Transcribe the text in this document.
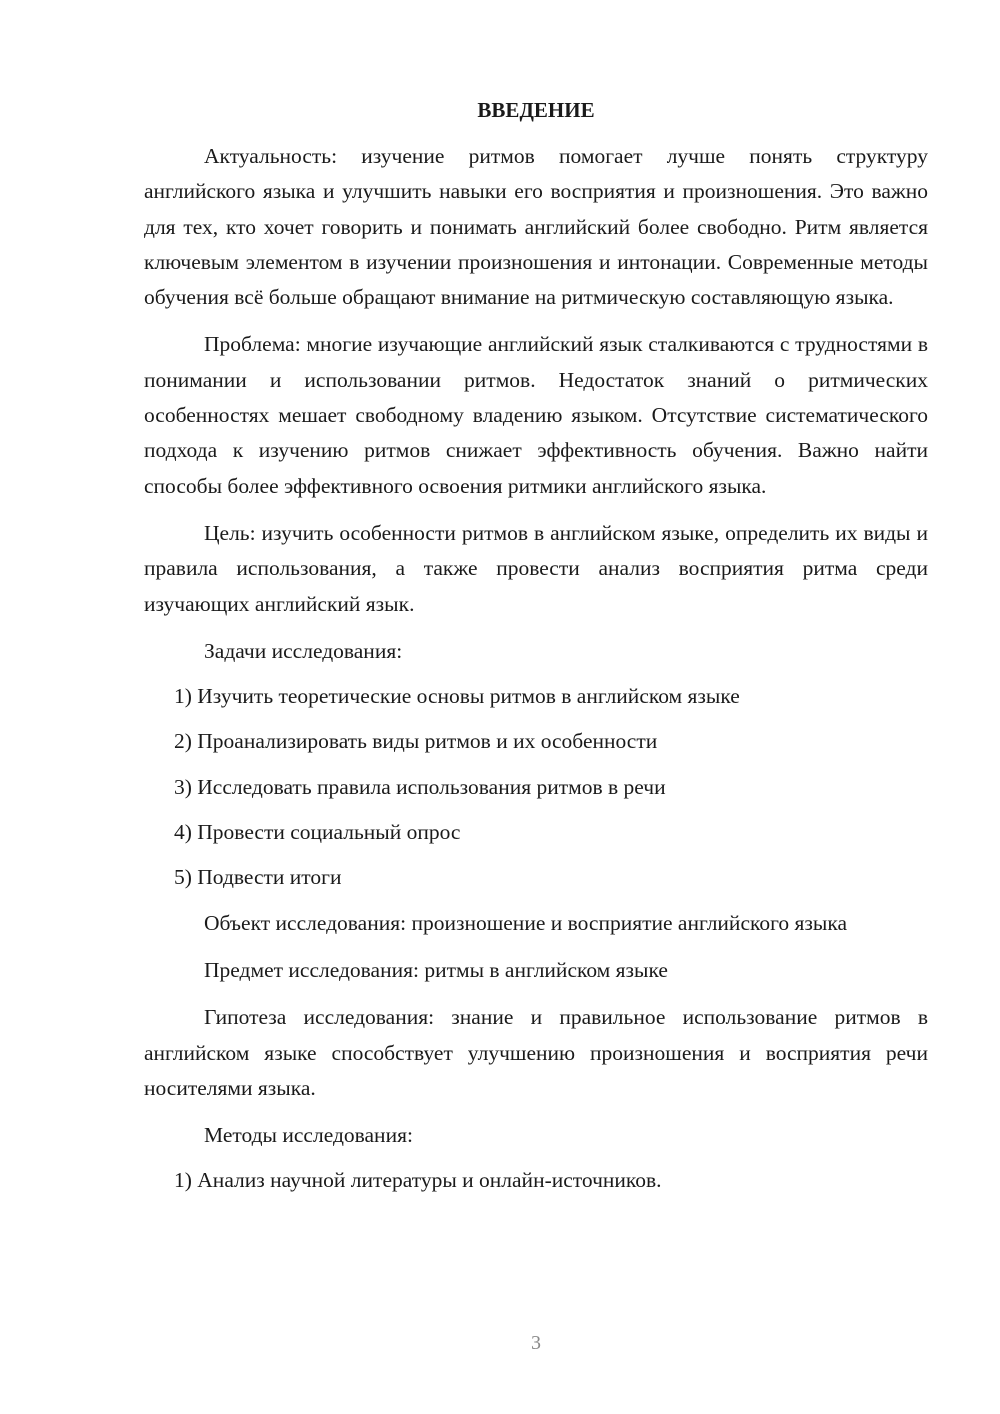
ВВЕДЕНИЕ

Актуальность: изучение ритмов помогает лучше понять структуру английского языка и улучшить навыки его восприятия и произношения. Это важно для тех, кто хочет говорить и понимать английский более свободно. Ритм является ключевым элементом в изучении произношения и интонации. Современные методы обучения всё больше обращают внимание на ритмическую составляющую языка.

Проблема: многие изучающие английский язык сталкиваются с трудностями в понимании и использовании ритмов. Недостаток знаний о ритмических особенностях мешает свободному владению языком. Отсутствие систематического подхода к изучению ритмов снижает эффективность обучения. Важно найти способы более эффективного освоения ритмики английского языка.

Цель: изучить особенности ритмов в английском языке, определить их виды и правила использования, а также провести анализ восприятия ритма среди изучающих английский язык.

Задачи исследования:
1) Изучить теоретические основы ритмов в английском языке
2) Проанализировать виды ритмов и их особенности
3) Исследовать правила использования ритмов в речи
4) Провести социальный опрос
5) Подвести итоги

Объект исследования: произношение и восприятие английского языка

Предмет исследования: ритмы в английском языке

Гипотеза исследования: знание и правильное использование ритмов в английском языке способствует улучшению произношения и восприятия речи носителями языка.

Методы исследования:
1) Анализ научной литературы и онлайн-источников.
3
